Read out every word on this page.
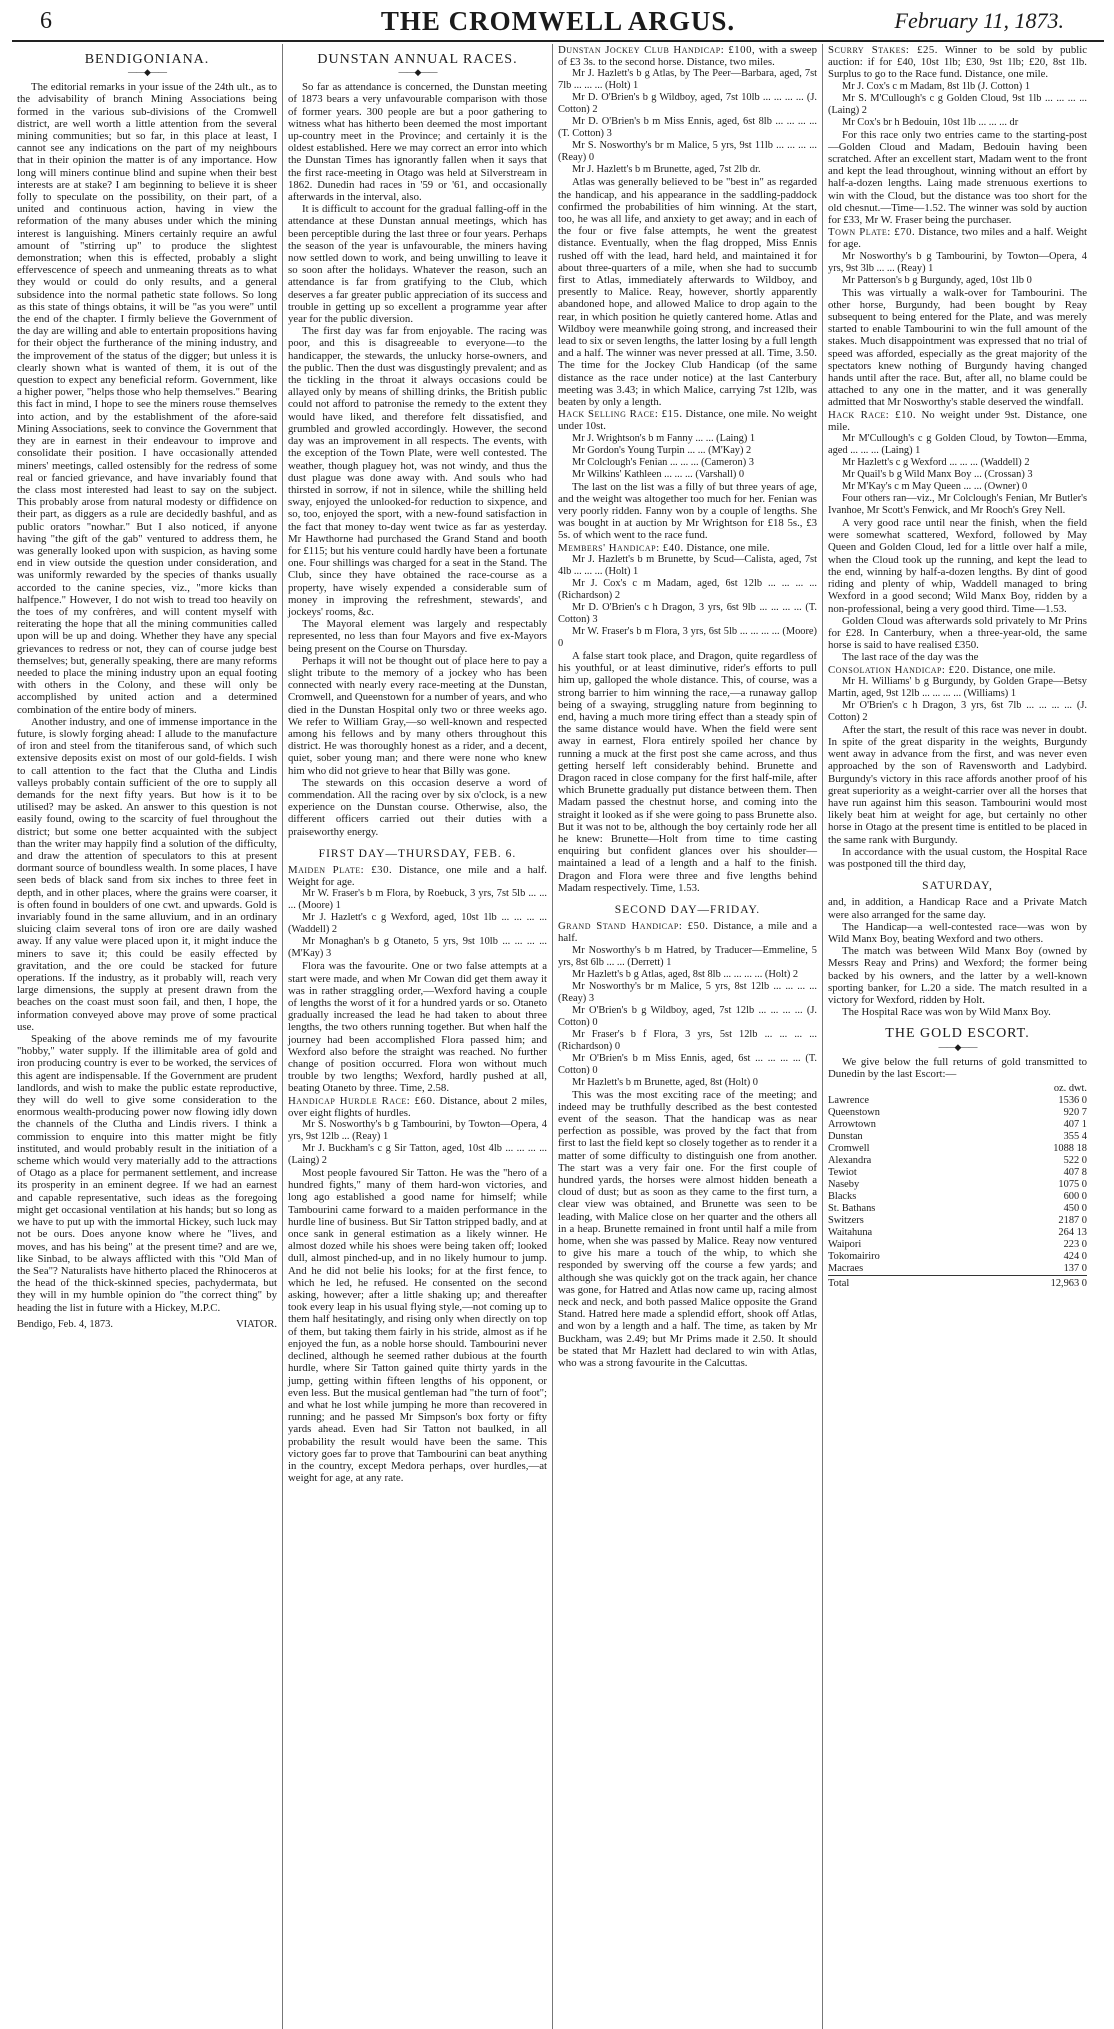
6	THE CROMWELL ARGUS.	February 11, 1873.
BENDIGONIANA.
——◆——

The editorial remarks in your issue of the 24th ult., as to the advisability of branch Mining Associations being formed in the various sub-divisions of the Cromwell district, are well worth a little attention from the several mining communities; but so far, in this place at least, I cannot see any indications on the part of my neighbours that in their opinion the matter is of any importance. How long will miners continue blind and supine when their best interests are at stake? I am beginning to believe it is sheer folly to speculate on the possibility, on their part, of a united and continuous action, having in view the reformation of the many abuses under which the mining interest is languishing. Miners certainly require an awful amount of "stirring up" to produce the slightest demonstration; when this is effected, probably a slight effervescence of speech and unmeaning threats as to what they would or could do only results, and a general subsidence into the normal pathetic state follows. So long as this state of things obtains, it will be "as you were" until the end of the chapter. I firmly believe the Government of the day are willing and able to entertain propositions having for their object the furtherance of the mining industry, and the improvement of the status of the digger; but unless it is clearly shown what is wanted of them, it is out of the question to expect any beneficial reform. Government, like a higher power, "helps those who help themselves." Bearing this fact in mind, I hope to see the miners rouse themselves into action, and by the establishment of the afore-said Mining Associations, seek to convince the Government that they are in earnest in their endeavour to improve and consolidate their position. I have occasionally attended miners' meetings, called ostensibly for the redress of some real or fancied grievance, and have invariably found that the class most interested had least to say on the subject. This probably arose from natural modesty or diffidence on their part, as diggers as a rule are decidedly bashful, and as public orators "nowhar." But I also noticed, if anyone having "the gift of the gab" ventured to address them, he was generally looked upon with suspicion, as having some end in view outside the question under consideration, and was uniformly rewarded by the species of thanks usually accorded to the canine species, viz., "more kicks than halfpence." However, I do not wish to tread too heavily on the toes of my confrères, and will content myself with reiterating the hope that all the mining communities called upon will be up and doing. Whether they have any special grievances to redress or not, they can of course judge best themselves; but, generally speaking, there are many reforms needed to place the mining industry upon an equal footing with others in the Colony, and these will only be accomplished by united action and a determined combination of the entire body of miners.

Another industry, and one of immense importance in the future, is slowly forging ahead: I allude to the manufacture of iron and steel from the titaniferous sand, of which such extensive deposits exist on most of our gold-fields. I wish to call attention to the fact that the Clutha and Lindis valleys probably contain sufficient of the ore to supply all demands for the next fifty years. But how is it to be utilised? may be asked. An answer to this question is not easily found, owing to the scarcity of fuel throughout the district; but some one better acquainted with the subject than the writer may happily find a solution of the difficulty, and draw the attention of speculators to this at present dormant source of boundless wealth. In some places, I have seen beds of black sand from six inches to three feet in depth, and in other places, where the grains were coarser, it is often found in boulders of one cwt. and upwards. Gold is invariably found in the same alluvium, and in an ordinary sluicing claim several tons of iron ore are daily washed away. If any value were placed upon it, it might induce the miners to save it; this could be easily effected by gravitation, and the ore could be stacked for future operations. If the industry, as it probably will, reach very large dimensions, the supply at present drawn from the beaches on the coast must soon fail, and then, I hope, the information conveyed above may prove of some practical use.

Speaking of the above reminds me of my favourite "hobby," water supply. If the illimitable area of gold and iron producing country is ever to be worked, the services of this agent are indispensable. If the Government are prudent landlords, and wish to make the public estate reproductive, they will do well to give some consideration to the enormous wealth-producing power now flowing idly down the channels of the Clutha and Lindis rivers. I think a commission to enquire into this matter might be fitly instituted, and would probably result in the initiation of a scheme which would very materially add to the attractions of Otago as a place for permanent settlement, and increase its prosperity in an eminent degree. If we had an earnest and capable representative, such ideas as the foregoing might get occasional ventilation at his hands; but so long as we have to put up with the immortal Hickey, such luck may not be ours. Does anyone know where he "lives, and moves, and has his being" at the present time? and are we, like Sinbad, to be always afflicted with this "Old Man of the Sea"? Naturalists have hitherto placed the Rhinoceros at the head of the thick-skinned species, pachydermata, but they will in my humble opinion do "the correct thing" by heading the list in future with a Hickey, M.P.C.

Bendigo, Feb. 4, 1873.	VIATOR.
DUNSTAN ANNUAL RACES.
——◆——

So far as attendance is concerned, the Dunstan meeting of 1873 bears a very unfavourable comparison with those of former years. 300 people are but a poor gathering to witness what has hitherto been deemed the most important up-country meet in the Province; and certainly it is the oldest established. Here we may correct an error into which the Dunstan Times has ignorantly fallen when it says that the first race-meeting in Otago was held at Silverstream in 1862. Dunedin had races in '59 or '61, and occasionally afterwards in the interval, also.

It is difficult to account for the gradual falling-off in the attendance at these Dunstan annual meetings, which has been perceptible during the last three or four years. Perhaps the season of the year is unfavourable, the miners having now settled down to work, and being unwilling to leave it so soon after the holidays. Whatever the reason, such an attendance is far from gratifying to the Club, which deserves a far greater public appreciation of its success and trouble in getting up so excellent a programme year after year for the public diversion.

The first day was far from enjoyable. The racing was poor, and this is disagreeable to everyone—to the handicapper, the stewards, the unlucky horse-owners, and the public. Then the dust was disgustingly prevalent; and as the tickling in the throat it always occasions could be allayed only by means of shilling drinks, the British public could not afford to patronise the remedy to the extent they would have liked, and therefore felt dissatisfied, and grumbled and growled accordingly. However, the second day was an improvement in all respects. The events, with the exception of the Town Plate, were well contested. The weather, though plaguey hot, was not windy, and thus the dust plague was done away with. And souls who had thirsted in sorrow, if not in silence, while the shilling held sway, enjoyed the unlooked-for reduction to sixpence, and so, too, enjoyed the sport, with a new-found satisfaction in the fact that money to-day went twice as far as yesterday. Mr Hawthorne had purchased the Grand Stand and booth for £115; but his venture could hardly have been a fortunate one. Four shillings was charged for a seat in the Stand. The Club, since they have obtained the race-course as a property, have wisely expended a considerable sum of money in improving the refreshment, stewards', and jockeys' rooms, &c.

The Mayoral element was largely and respectably represented, no less than four Mayors and five ex-Mayors being present on the Course on Thursday.

Perhaps it will not be thought out of place here to pay a slight tribute to the memory of a jockey who has been connected with nearly every race-meeting at the Dunstan, Cromwell, and Queenstown for a number of years, and who died in the Dunstan Hospital only two or three weeks ago. We refer to William Gray,—so well-known and respected among his fellows and by many others throughout this district. He was thoroughly honest as a rider, and a decent, quiet, sober young man; and there were none who knew him who did not grieve to hear that Billy was gone.

The stewards on this occasion deserve a word of commendation. All the racing over by six o'clock, is a new experience on the Dunstan course. Otherwise, also, the different officers carried out their duties with a praiseworthy energy.

FIRST DAY—THURSDAY, FEB. 6.

Maiden Plate: £30. Distance, one mile and a half. Weight for age.

Mr W. Fraser's b m Flora, by Roebuck, 3 yrs, 7st 5lb ... ... ... (Moore) 1

Mr J. Hazlett's c g Wexford, aged, 10st 1lb ... ... ... ... (Waddell) 2

Mr Monaghan's b g Otaneto, 5 yrs, 9st 10lb ... ... ... ... (M'Kay) 3

Flora was the favourite. One or two false attempts at a start were made, and when Mr Cowan did get them away it was in rather straggling order,—Wexford having a couple of lengths the worst of it for a hundred yards or so. Otaneto gradually increased the lead he had taken to about three lengths, the two others running together. But when half the journey had been accomplished Flora passed him; and Wexford also before the straight was reached. No further change of position occurred. Flora won without much trouble by two lengths; Wexford, hardly pushed at all, beating Otaneto by three. Time, 2.58.

Handicap Hurdle Race: £60. Distance, about 2 miles, over eight flights of hurdles.

Mr S. Nosworthy's b g Tambourini, by Towton—Opera, 4 yrs, 9st 12lb ... (Reay) 1

Mr J. Buckham's c g Sir Tatton, aged, 10st 4lb ... ... ... ... (Laing) 2

Most people favoured Sir Tatton. He was the "hero of a hundred fights," many of them hard-won victories, and long ago established a good name for himself; while Tambourini came forward to a maiden performance in the hurdle line of business. But Sir Tatton stripped badly, and at once sank in general estimation as a likely winner. He almost dozed while his shoes were being taken off; looked dull, almost pinched-up, and in no likely humour to jump. And he did not belie his looks; for at the first fence, to which he led, he refused. He consented on the second asking, however; after a little shaking up; and thereafter took every leap in his usual flying style,—not coming up to them half hesitatingly, and rising only when directly on top of them, but taking them fairly in his stride, almost as if he enjoyed the fun, as a noble horse should. Tambourini never declined, although he seemed rather dubious at the fourth hurdle, where Sir Tatton gained quite thirty yards in the jump, getting within fifteen lengths of his opponent, or even less. But the musical gentleman had "the turn of foot"; and what he lost while jumping he more than recovered in running; and he passed Mr Simpson's box forty or fifty yards ahead. Even had Sir Tatton not baulked, in all probability the result would have been the same. This victory goes far to prove that Tambourini can beat anything in the country, except Medora perhaps, over hurdles,—at weight for age, at any rate.

Dunstan Jockey Club Handicap: £100, with a sweep of £3 3s. to the second horse. Distance, two miles.

Mr J. Hazlett's b g Atlas, by The Peer—Barbara, aged, 7st 7lb ... ... ... (Holt) 1

Mr D. O'Brien's b g Wildboy, aged, 7st 10lb ... ... ... ... (J. Cotton) 2

Mr D. O'Brien's b m Miss Ennis, aged, 6st 8lb ... ... ... ... (T. Cotton) 3

Mr S. Nosworthy's br m Malice, 5 yrs, 9st 11lb ... ... ... ... (Reay) 0

Mr J. Hazlett's b m Brunette, aged, 7st 2lb dr.

Atlas was generally believed to be "best in" as regarded the handicap, and his appearance in the saddling-paddock confirmed the probabilities of him winning. At the start, too, he was all life, and anxiety to get away; and in each of the four or five false attempts, he went the greatest distance. Eventually, when the flag dropped, Miss Ennis rushed off with the lead, hard held, and maintained it for about three-quarters of a mile, when she had to succumb first to Atlas, immediately afterwards to Wildboy, and presently to Malice. Reay, however, shortly apparently abandoned hope, and allowed Malice to drop again to the rear, in which position he quietly cantered home. Atlas and Wildboy were meanwhile going strong, and increased their lead to six or seven lengths, the latter losing by a full length and a half. The winner was never pressed at all. Time, 3.50. The time for the Jockey Club Handicap (of the same distance as the race under notice) at the last Canterbury meeting was 3.43; in which Malice, carrying 7st 12lb, was beaten by only a length.

Hack Selling Race: £15. Distance, one mile. No weight under 10st.

Mr J. Wrightson's b m Fanny ... ... (Laing) 1

Mr Gordon's Young Turpin ... ... (M'Kay) 2

Mr Colclough's Fenian ... ... ... (Cameron) 3

Mr Wilkins' Kathleen ... ... ... (Varshall) 0

The last on the list was a filly of but three years of age, and the weight was altogether too much for her. Fenian was very poorly ridden. Fanny won by a couple of lengths. She was bought in at auction by Mr Wrightson for £18 5s., £3 5s. of which went to the race fund.

Members' Handicap: £40. Distance, one mile.

Mr J. Hazlett's b m Brunette, by Scud—Calista, aged, 7st 4lb ... ... ... (Holt) 1

Mr J. Cox's c m Madam, aged, 6st 12lb ... ... ... ... (Richardson) 2

Mr D. O'Brien's c h Dragon, 3 yrs, 6st 9lb ... ... ... ... (T. Cotton) 3

Mr W. Fraser's b m Flora, 3 yrs, 6st 5lb ... ... ... ... (Moore) 0

A false start took place, and Dragon, quite regardless of his youthful, or at least diminutive, rider's efforts to pull him up, galloped the whole distance. This, of course, was a strong barrier to him winning the race,—a runaway gallop being of a swaying, struggling nature from beginning to end, having a much more tiring effect than a steady spin of the same distance would have. When the field were sent away in earnest, Flora entirely spoiled her chance by running a muck at the first post she came across, and thus getting herself left considerably behind. Brunette and Dragon raced in close company for the first half-mile, after which Brunette gradually put distance between them. Then Madam passed the chestnut horse, and coming into the straight it looked as if she were going to pass Brunette also. But it was not to be, although the boy certainly rode her all he knew: Brunette—Holt from time to time casting enquiring but confident glances over his shoulder—maintained a lead of a length and a half to the finish. Dragon and Flora were three and five lengths behind Madam respectively. Time, 1.53.

SECOND DAY—FRIDAY.

Grand Stand Handicap: £50. Distance, a mile and a half.

Mr Nosworthy's b m Hatred, by Traducer—Emmeline, 5 yrs, 8st 6lb ... ... (Derrett) 1

Mr Hazlett's b g Atlas, aged, 8st 8lb ... ... ... ... (Holt) 2

Mr Nosworthy's br m Malice, 5 yrs, 8st 12lb ... ... ... ... (Reay) 3

Mr O'Brien's b g Wildboy, aged, 7st 12lb ... ... ... ... (J. Cotton) 0

Mr Fraser's b f Flora, 3 yrs, 5st 12lb ... ... ... ... (Richardson) 0

Mr O'Brien's b m Miss Ennis, aged, 6st ... ... ... ... (T. Cotton) 0

Mr Hazlett's b m Brunette, aged, 8st (Holt) 0

This was the most exciting race of the meeting; and indeed may be truthfully described as the best contested event of the season. That the handicap was as near perfection as possible, was proved by the fact that from first to last the field kept so closely together as to render it a matter of some difficulty to distinguish one from another. The start was a very fair one. For the first couple of hundred yards, the horses were almost hidden beneath a cloud of dust; but as soon as they came to the first turn, a clear view was obtained, and Brunette was seen to be leading, with Malice close on her quarter and the others all in a heap. Brunette remained in front until half a mile from home, when she was passed by Malice. Reay now ventured to give his mare a touch of the whip, to which she responded by swerving off the course a few yards; and although she was quickly got on the track again, her chance was gone, for Hatred and Atlas now came up, racing almost neck and neck, and both passed Malice opposite the Grand Stand. Hatred here made a splendid effort, shook off Atlas, and won by a length and a half. The time, as taken by Mr Buckham, was 2.49; but Mr Prims made it 2.50. It should be stated that Mr Hazlett had declared to win with Atlas, who was a strong favourite in the Calcuttas.

Scurry Stakes: £25. Winner to be sold by public auction: if for £40, 10st 1lb; £30, 9st 1lb; £20, 8st 1lb. Surplus to go to the Race fund. Distance, one mile.

Mr J. Cox's c m Madam, 8st 1lb (J. Cotton) 1

Mr S. M'Cullough's c g Golden Cloud, 9st 1lb ... ... ... ... (Laing) 2

Mr Cox's br h Bedouin, 10st 1lb ... ... ... dr

For this race only two entries came to the starting-post—Golden Cloud and Madam, Bedouin having been scratched. After an excellent start, Madam went to the front and kept the lead throughout, winning without an effort by half-a-dozen lengths. Laing made strenuous exertions to win with the Cloud, but the distance was too short for the old chesnut.—Time—1.52. The winner was sold by auction for £33, Mr W. Fraser being the purchaser.

Town Plate: £70. Distance, two miles and a half. Weight for age.

Mr Nosworthy's b g Tambourini, by Towton—Opera, 4 yrs, 9st 3lb ... ... (Reay) 1

Mr Patterson's b g Burgundy, aged, 10st 1lb 0

This was virtually a walk-over for Tambourini. The other horse, Burgundy, had been bought by Reay subsequent to being entered for the Plate, and was merely started to enable Tambourini to win the full amount of the stakes. Much disappointment was expressed that no trial of speed was afforded, especially as the great majority of the spectators knew nothing of Burgundy having changed hands until after the race. But, after all, no blame could be attached to any one in the matter, and it was generally admitted that Mr Nosworthy's stable deserved the windfall.

Hack Race: £10. No weight under 9st. Distance, one mile.

Mr M'Cullough's c g Golden Cloud, by Towton—Emma, aged ... ... ... (Laing) 1

Mr Hazlett's c g Wexford ... ... ... (Waddell) 2

Mr Quail's b g Wild Manx Boy ... (Crossan) 3

Mr M'Kay's c m May Queen ... ... (Owner) 0

Four others ran—viz., Mr Colclough's Fenian, Mr Butler's Ivanhoe, Mr Scott's Fenwick, and Mr Rooch's Grey Nell.

A very good race until near the finish, when the field were somewhat scattered, Wexford, followed by May Queen and Golden Cloud, led for a little over half a mile, when the Cloud took up the running, and kept the lead to the end, winning by half-a-dozen lengths. By dint of good riding and plenty of whip, Waddell managed to bring Wexford in a good second; Wild Manx Boy, ridden by a non-professional, being a very good third. Time—1.53.

Golden Cloud was afterwards sold privately to Mr Prins for £28. In Canterbury, when a three-year-old, the same horse is said to have realised £350.

The last race of the day was the

Consolation Handicap: £20. Distance, one mile.

Mr H. Williams' b g Burgundy, by Golden Grape—Betsy Martin, aged, 9st 12lb ... ... ... ... (Williams) 1

Mr O'Brien's c h Dragon, 3 yrs, 6st 7lb ... ... ... ... (J. Cotton) 2

After the start, the result of this race was never in doubt. In spite of the great disparity in the weights, Burgundy went away in advance from the first, and was never even approached by the son of Ravensworth and Ladybird. Burgundy's victory in this race affords another proof of his great superiority as a weight-carrier over all the horses that have run against him this season. Tambourini would most likely beat him at weight for age, but certainly no other horse in Otago at the present time is entitled to be placed in the same rank with Burgundy.

In accordance with the usual custom, the Hospital Race was postponed till the third day,

SATURDAY,

and, in addition, a Handicap Race and a Private Match were also arranged for the same day.

The Handicap—a well-contested race—was won by Wild Manx Boy, beating Wexford and two others.

The match was between Wild Manx Boy (owned by Messrs Reay and Prins) and Wexford; the former being backed by his owners, and the latter by a well-known sporting banker, for L.20 a side. The match resulted in a victory for Wexford, ridden by Holt.

The Hospital Race was won by Wild Manx Boy.

THE GOLD ESCORT.
——◆——

We give below the full returns of gold transmitted to Dunedin by the last Escort:—

	oz. dwt.
Lawrence	1536 0
Queenstown	920 7
Arrowtown	407 1
Dunstan	355 4
Cromwell	1088 18
Alexandra	522 0
Tewiot	407 8
Naseby	1075 0
Blacks	600 0
St. Bathans	450 0
Switzers	2187 0
Waitahuna	264 13
Waipori	223 0
Tokomairiro	424 0
Macraes	137 0
Total	12,963 0
